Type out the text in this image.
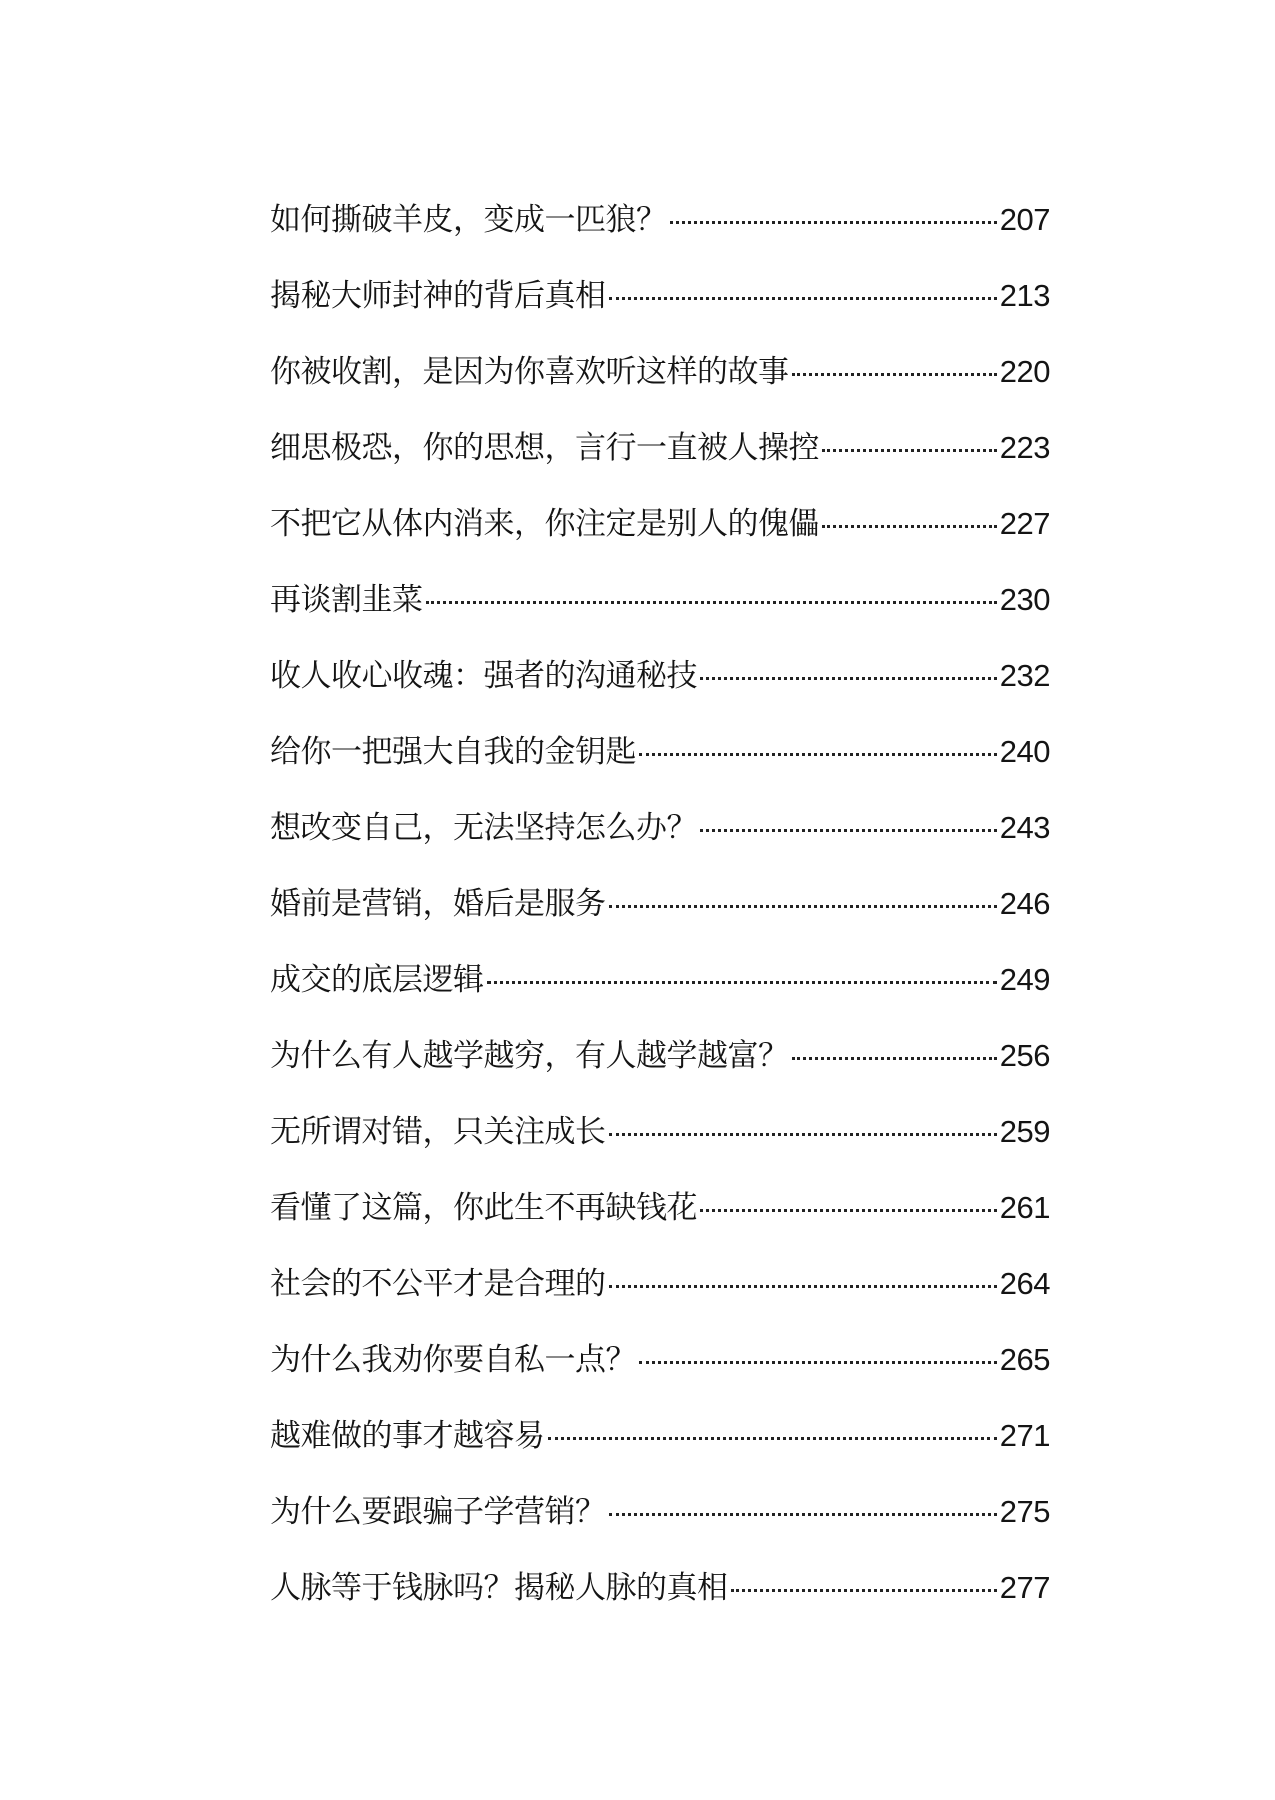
如何撕破羊皮，变成一匹狼？	207
揭秘大师封神的背后真相	213
你被收割，是因为你喜欢听这样的故事	220
细思极恐，你的思想，言行一直被人操控	223
不把它从体内消来，你注定是别人的傀儡	227
再谈割韭菜	230
收人收心收魂：强者的沟通秘技	232
给你一把强大自我的金钥匙	240
想改变自己，无法坚持怎么办？	243
婚前是营销，婚后是服务	246
成交的底层逻辑	249
为什么有人越学越穷，有人越学越富？	256
无所谓对错，只关注成长	259
看懂了这篇，你此生不再缺钱花	261
社会的不公平才是合理的	264
为什么我劝你要自私一点？	265
越难做的事才越容易	271
为什么要跟骗子学营销？	275
人脉等于钱脉吗？揭秘人脉的真相	277
